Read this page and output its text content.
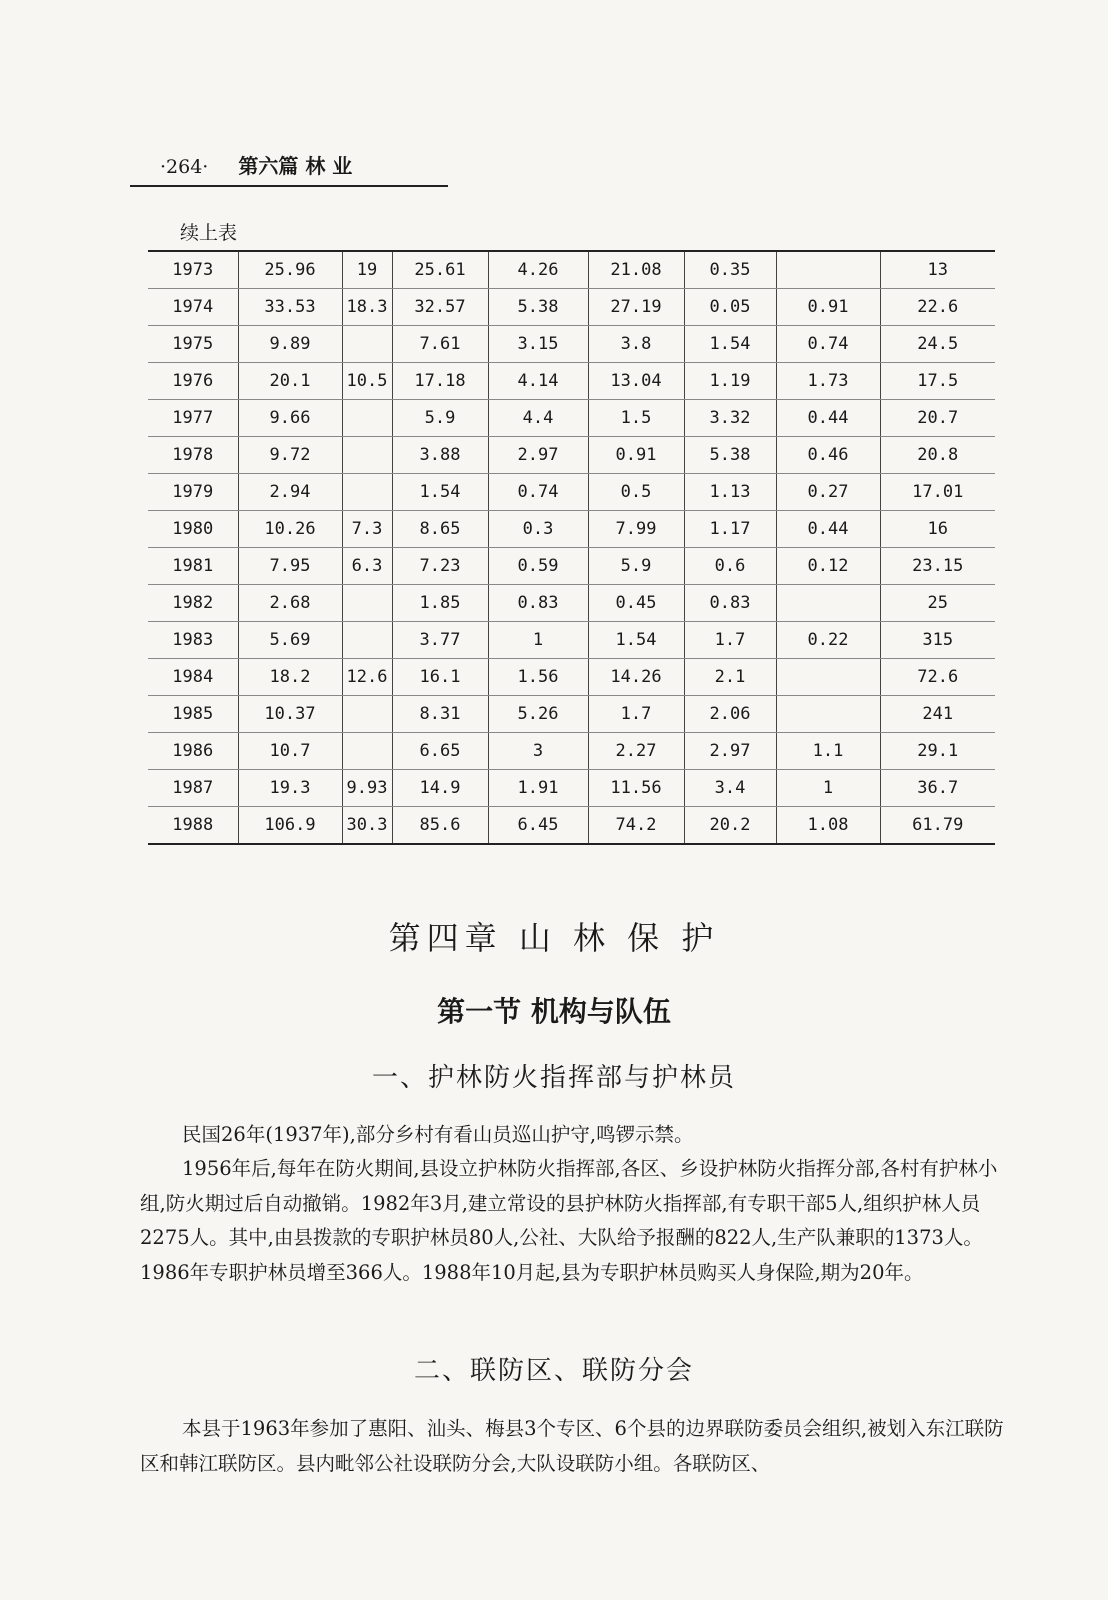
·264· 第六篇 林 业
续上表
1973	25.96	19	25.61	4.26	21.08	0.35		13
1974	33.53	18.3	32.57	5.38	27.19	0.05	0.91	22.6
1975	9.89		7.61	3.15	3.8	1.54	0.74	24.5
1976	20.1	10.5	17.18	4.14	13.04	1.19	1.73	17.5
1977	9.66		5.9	4.4	1.5	3.32	0.44	20.7
1978	9.72		3.88	2.97	0.91	5.38	0.46	20.8
1979	2.94		1.54	0.74	0.5	1.13	0.27	17.01
1980	10.26	7.3	8.65	0.3	7.99	1.17	0.44	16
1981	7.95	6.3	7.23	0.59	5.9	0.6	0.12	23.15
1982	2.68		1.85	0.83	0.45	0.83		25
1983	5.69		3.77	1	1.54	1.7	0.22	315
1984	18.2	12.6	16.1	1.56	14.26	2.1		72.6
1985	10.37		8.31	5.26	1.7	2.06		241
1986	10.7		6.65	3	2.27	2.97	1.1	29.1
1987	19.3	9.93	14.9	1.91	11.56	3.4	1	36.7
1988	106.9	30.3	85.6	6.45	74.2	20.2	1.08	61.79
第四章 山 林 保 护
第一节 机构与队伍
一、护林防火指挥部与护林员

民国26年(1937年),部分乡村有看山员巡山护守,鸣锣示禁。

1956年后,每年在防火期间,县设立护林防火指挥部,各区、乡设护林防火指挥分部,各村有护林小组,防火期过后自动撤销。1982年3月,建立常设的县护林防火指挥部,有专职干部5人,组织护林人员2275人。其中,由县拨款的专职护林员80人,公社、大队给予报酬的822人,生产队兼职的1373人。1986年专职护林员增至366人。1988年10月起,县为专职护林员购买人身保险,期为20年。

二、联防区、联防分会

本县于1963年参加了惠阳、汕头、梅县3个专区、6个县的边界联防委员会组织,被划入东江联防区和韩江联防区。县内毗邻公社设联防分会,大队设联防小组。各联防区、
